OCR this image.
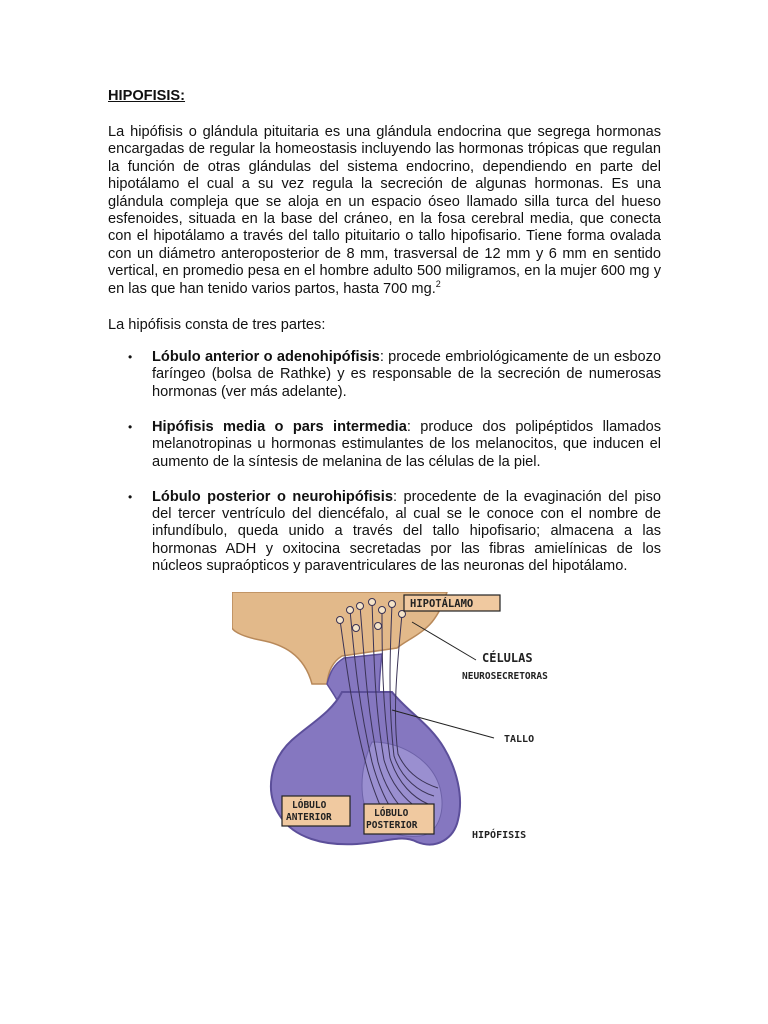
HIPOFISIS:
La hipófisis o glándula pituitaria es una glándula endocrina que segrega hormonas encargadas de regular la homeostasis incluyendo las hormonas trópicas que regulan la función de otras glándulas del sistema endocrino, dependiendo en parte del hipotálamo el cual a su vez regula la secreción de algunas hormonas. Es una glándula compleja que se aloja en un espacio óseo llamado silla turca del hueso esfenoides, situada en la base del cráneo, en la fosa cerebral media, que conecta con el hipotálamo a través del tallo pituitario o tallo hipofisario. Tiene forma ovalada con un diámetro anteroposterior de 8 mm, trasversal de 12 mm y 6 mm en sentido vertical, en promedio pesa en el hombre adulto 500 miligramos, en la mujer 600 mg y en las que han tenido varios partos, hasta 700 mg.$^2$
La hipófisis consta de tres partes:
• Lóbulo anterior o adenohipófisis: procede embriológicamente de un esbozo faríngeo (bolsa de Rathke) y es responsable de la secreción de numerosas hormonas (ver más adelante).
• Hipófisis media o pars intermedia: produce dos polipéptidos llamados melanotropinas u hormonas estimulantes de los melanocitos, que inducen el aumento de la síntesis de melanina de las células de la piel.
• Lóbulo posterior o neurohipófisis: procedente de la evaginación del piso del tercer ventrículo del diencéfalo, al cual se le conoce con el nombre de infundíbulo, queda unido a través del tallo hipofisario; almacena a las hormonas ADH y oxitocina secretadas por las fibras amielínicas de los núcleos supraópticos y paraventriculares de las neuronas del hipotálamo.
HIPOTÁLAMO
CÉLULAS
NEUROSECRETORAS
TALLO
LÓBULO
ANTERIOR	LÓBULO
POSTERIOR
HIPÓFISIS
